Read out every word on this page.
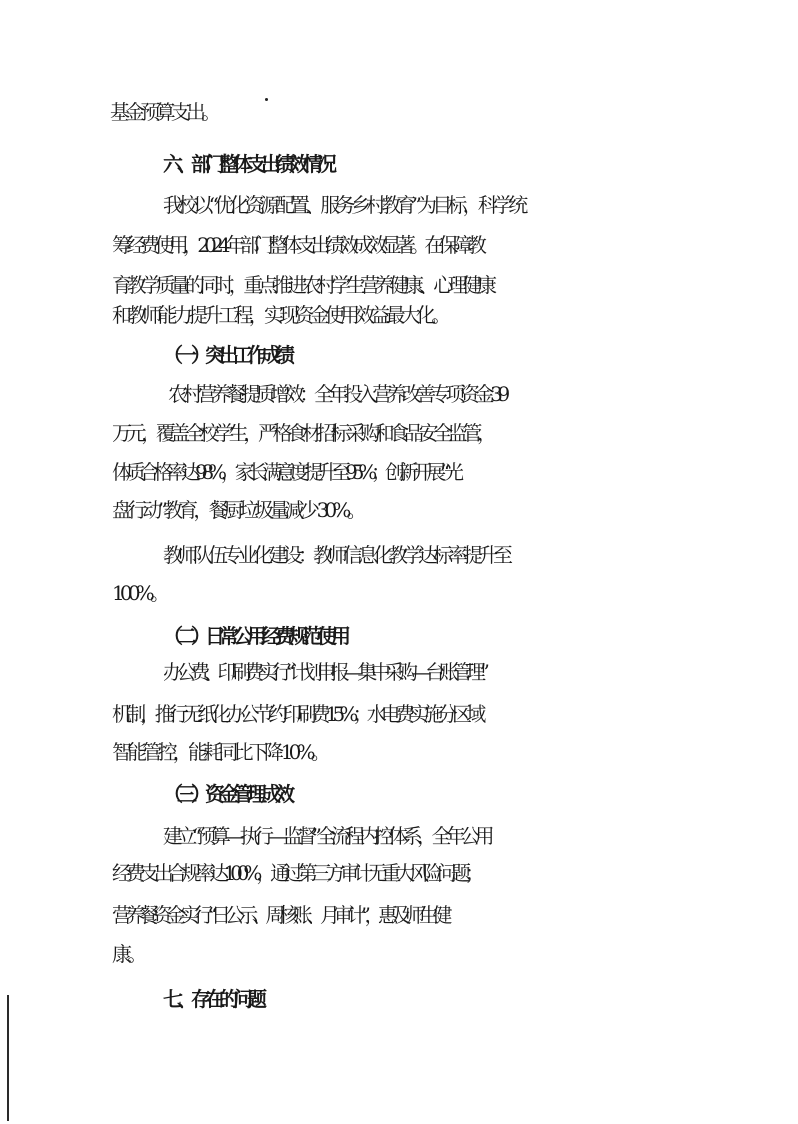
基金预算支出。
六、部门整体支出绩效情况
我校以“优化资源配置、服务乡村教育”为目标，科学统
筹经费使用，2024 年部门整体支出绩效成效显著。在保障教
育教学质量的同时，重点推进农村学生营养健康、心理健康
和教师能力提升工程，实现资金使用效益最大化。
（一）突出工作成绩
农村营养餐提质增效：全年投入营养改善专项资金 39
万元，覆盖全校学生，严格食材招标采购和食品安全监管，
体质合格率达 98%，家长满意度提升至 95%；创新开展“光
盘行动”教育，餐厨垃圾量减少 30%。
教师队伍专业化建设：教师信息化教学达标率提升至
100%。
（二）日常公用经费规范使用
办公费、印刷费实行“计划申报—集中采购—台账管理”
机制，推行无纸化办公节约印刷费 15%；水电费实施分区域
智能管控，能耗同比下降 10%。
（三）资金管理成效
建立“预算—执行—监督”全流程内控体系，全年公用
经费支出合规率达 100%，通过第三方审计无重大风险问题；
营养餐资金实行“日公示、周核账、月审计”，惠及师生健
康。
七、存在的问题
